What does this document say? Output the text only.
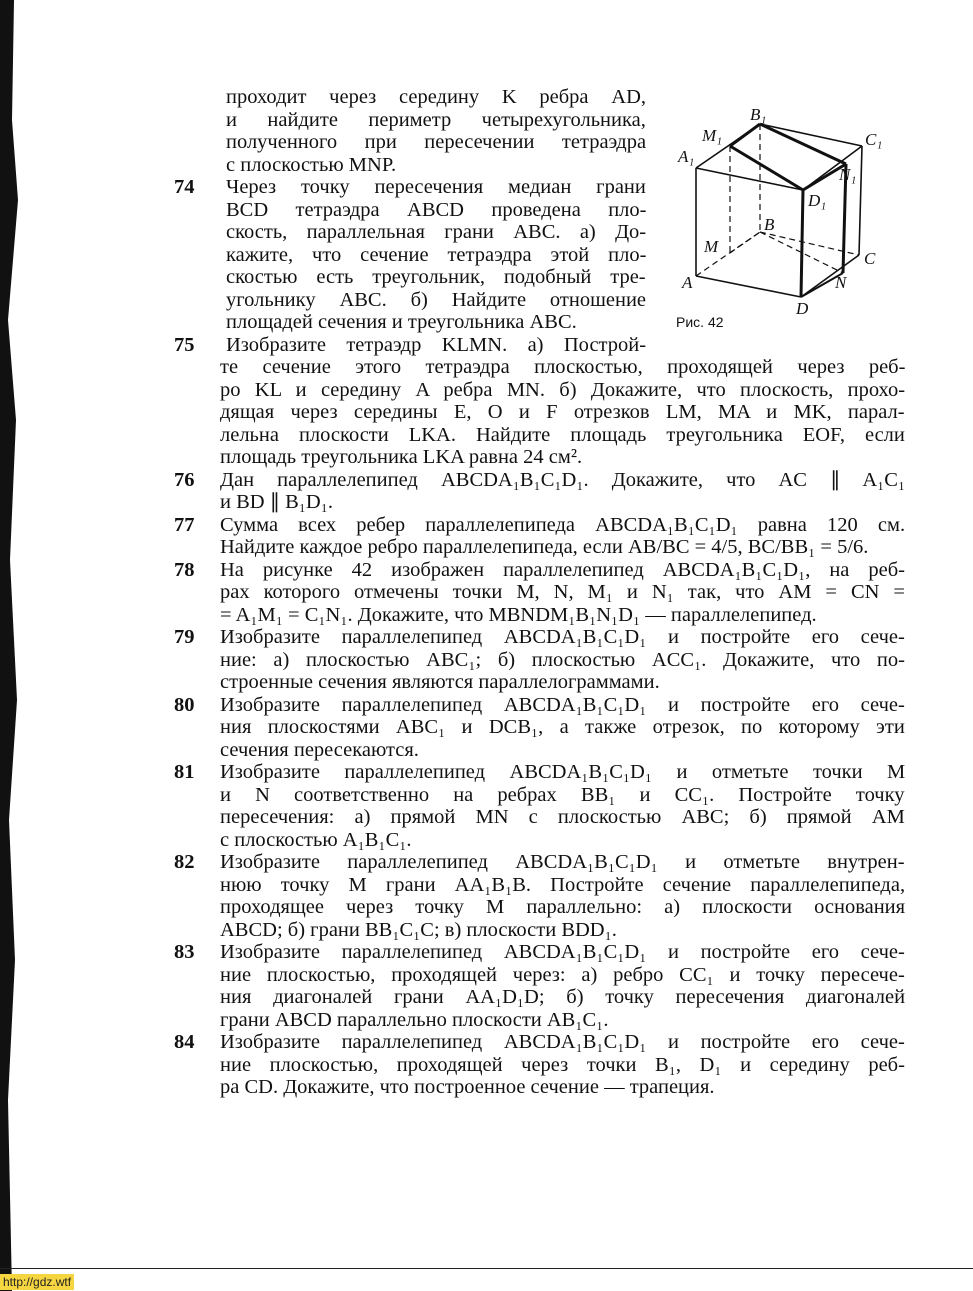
проходит через середину K ребра AD,
и найдите периметр четырехугольника,
полученного при пересечении тетраэдра
с плоскостью MNP.
74 Через точку пересечения медиан грани
BCD тетраэдра ABCD проведена пло-
скость, параллельная грани ABC. а) До-
кажите, что сечение тетраэдра этой пло-
скостью есть треугольник, подобный тре-
угольнику ABC. б) Найдите отношение
площадей сечения и треугольника ABC.
75 Изобразите тетраэдр KLMN. а) Построй-
те сечение этого тетраэдра плоскостью, проходящей через реб-
ро KL и середину A ребра MN. б) Докажите, что плоскость, прохо-
дящая через середины E, O и F отрезков LM, MA и MK, парал-
лельна плоскости LKA. Найдите площадь треугольника EOF, если
площадь треугольника LKA равна 24 см².
76 Дан параллелепипед ABCDA₁B₁C₁D₁. Докажите, что AC ∥ A₁C₁
и BD ∥ B₁D₁.
77 Сумма всех ребер параллелепипеда ABCDA₁B₁C₁D₁ равна 120 см.
Найдите каждое ребро параллелепипеда, если AB/BC = 4/5, BC/BB₁ = 5/6.
78 На рисунке 42 изображен параллелепипед ABCDA₁B₁C₁D₁, на реб-
рах которого отмечены точки M, N, M₁ и N₁ так, что AM = CN =
= A₁M₁ = C₁N₁. Докажите, что MBNDM₁B₁N₁D₁ — параллелепипед.
79 Изобразите параллелепипед ABCDA₁B₁C₁D₁ и постройте его сече-
ние: а) плоскостью ABC₁; б) плоскостью ACC₁. Докажите, что по-
строенные сечения являются параллелограммами.
80 Изобразите параллелепипед ABCDA₁B₁C₁D₁ и постройте его сече-
ния плоскостями ABC₁ и DCB₁, а также отрезок, по которому эти
сечения пересекаются.
81 Изобразите параллелепипед ABCDA₁B₁C₁D₁ и отметьте точки M
и N соответственно на ребрах BB₁ и CC₁. Постройте точку
пересечения: а) прямой MN с плоскостью ABC; б) прямой AM
с плоскостью A₁B₁C₁.
82 Изобразите параллелепипед ABCDA₁B₁C₁D₁ и отметьте внутрен-
нюю точку M грани AA₁B₁B. Постройте сечение параллелепипеда,
проходящее через точку M параллельно: а) плоскости основания
ABCD; б) грани BB₁C₁C; в) плоскости BDD₁.
83 Изобразите параллелепипед ABCDA₁B₁C₁D₁ и постройте его сече-
ние плоскостью, проходящей через: а) ребро CC₁ и точку пересече-
ния диагоналей грани AA₁D₁D; б) точку пересечения диагоналей
грани ABCD параллельно плоскости AB₁C₁.
84 Изобразите параллелепипед ABCDA₁B₁C₁D₁ и постройте его сече-
ние плоскостью, проходящей через точки B₁, D₁ и середину реб-
ра CD. Докажите, что построенное сечение — трапеция.
B₁
M₁	C₁
A₁
N₁
D₁
B
M
C
A	N
D
Рис. 42
http://gdz.wtf
